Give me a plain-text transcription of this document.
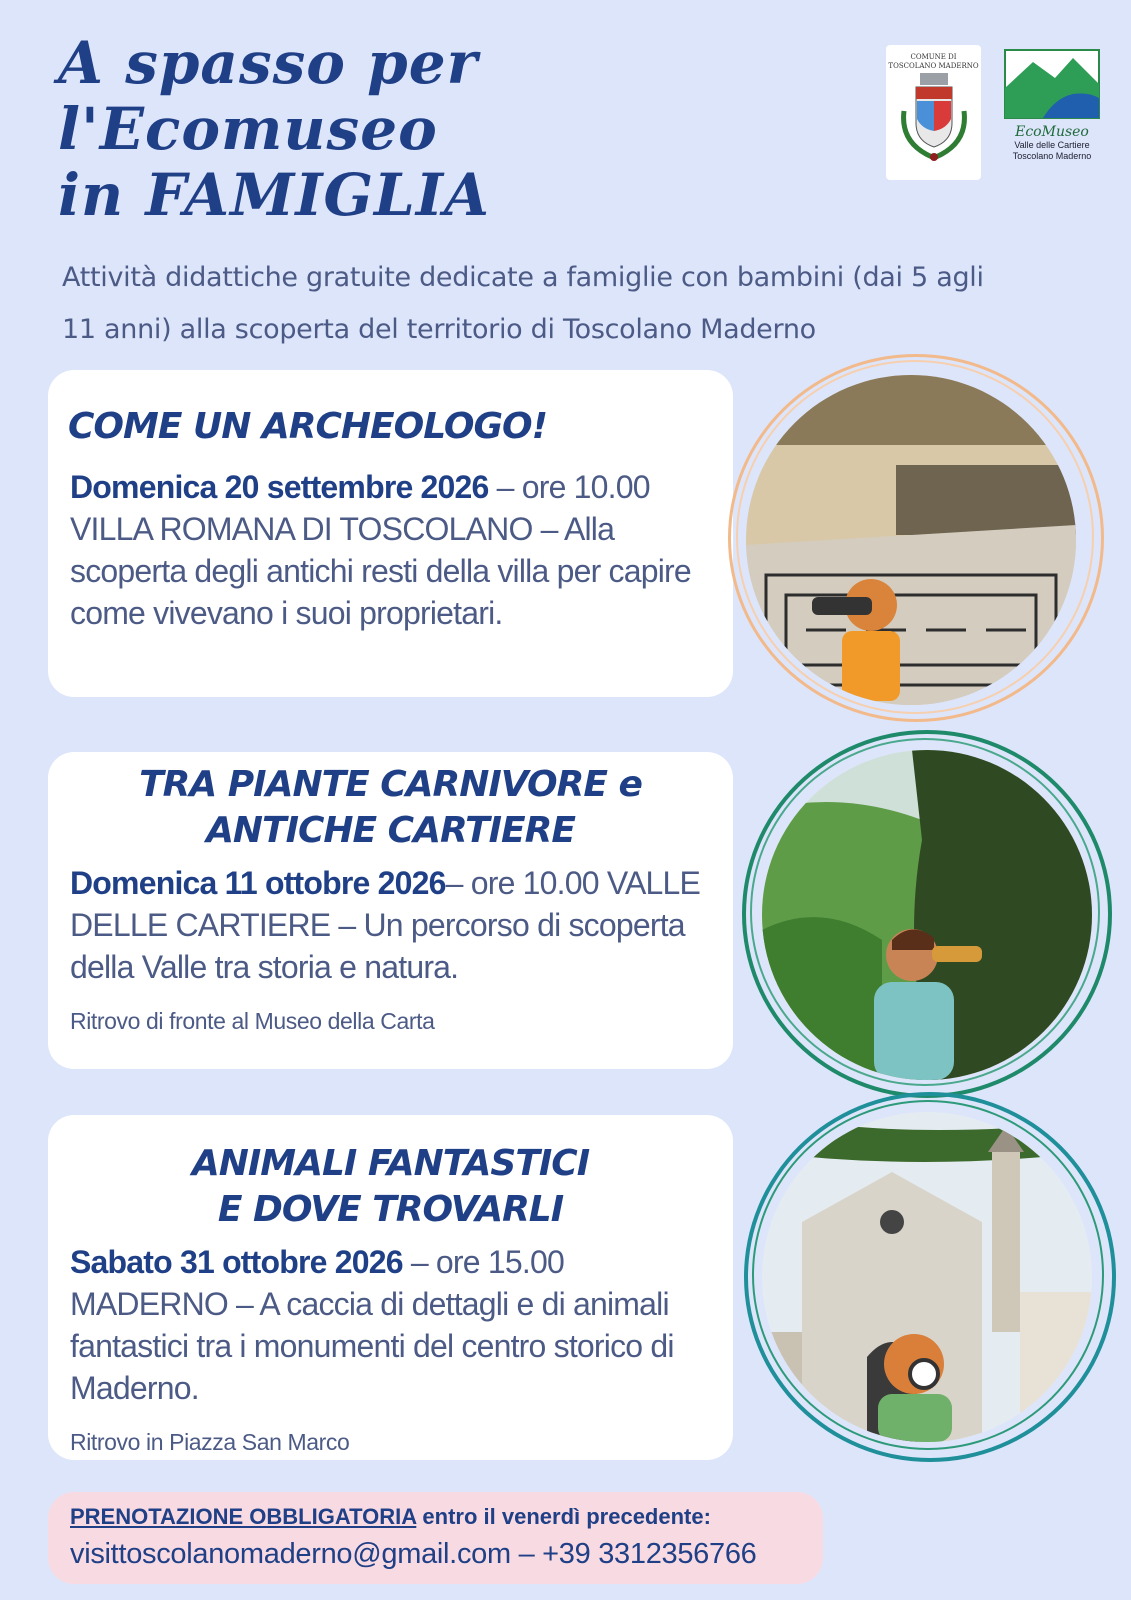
A spasso per
l'Ecomuseo
in FAMIGLIA
Attività didattiche gratuite dedicate a famiglie con bambini (dai 5 agli 11 anni) alla scoperta del territorio di Toscolano Maderno
COMUNE DI
TOSCOLANO MADERNO
EcoMuseo
Valle delle Cartiere
Toscolano Maderno
COME UN ARCHEOLOGO!
Domenica 20 settembre 2026 – ore 10.00 VILLA ROMANA DI TOSCOLANO – Alla scoperta degli antichi resti della villa per capire come vivevano i suoi proprietari.
TRA PIANTE CARNIVORE e
ANTICHE CARTIERE
Domenica 11 ottobre 2026– ore 10.00 VALLE DELLE CARTIERE – Un percorso di scoperta della Valle tra storia e natura.
Ritrovo di fronte al Museo della Carta
ANIMALI FANTASTICI
E DOVE TROVARLI
Sabato 31 ottobre 2026 – ore 15.00 MADERNO – A caccia di dettagli e di animali fantastici tra i monumenti del centro storico di Maderno.
Ritrovo in Piazza San Marco
PRENOTAZIONE OBBLIGATORIA entro il venerdì precedente:
visittoscolanomaderno@gmail.com – +39 3312356766
